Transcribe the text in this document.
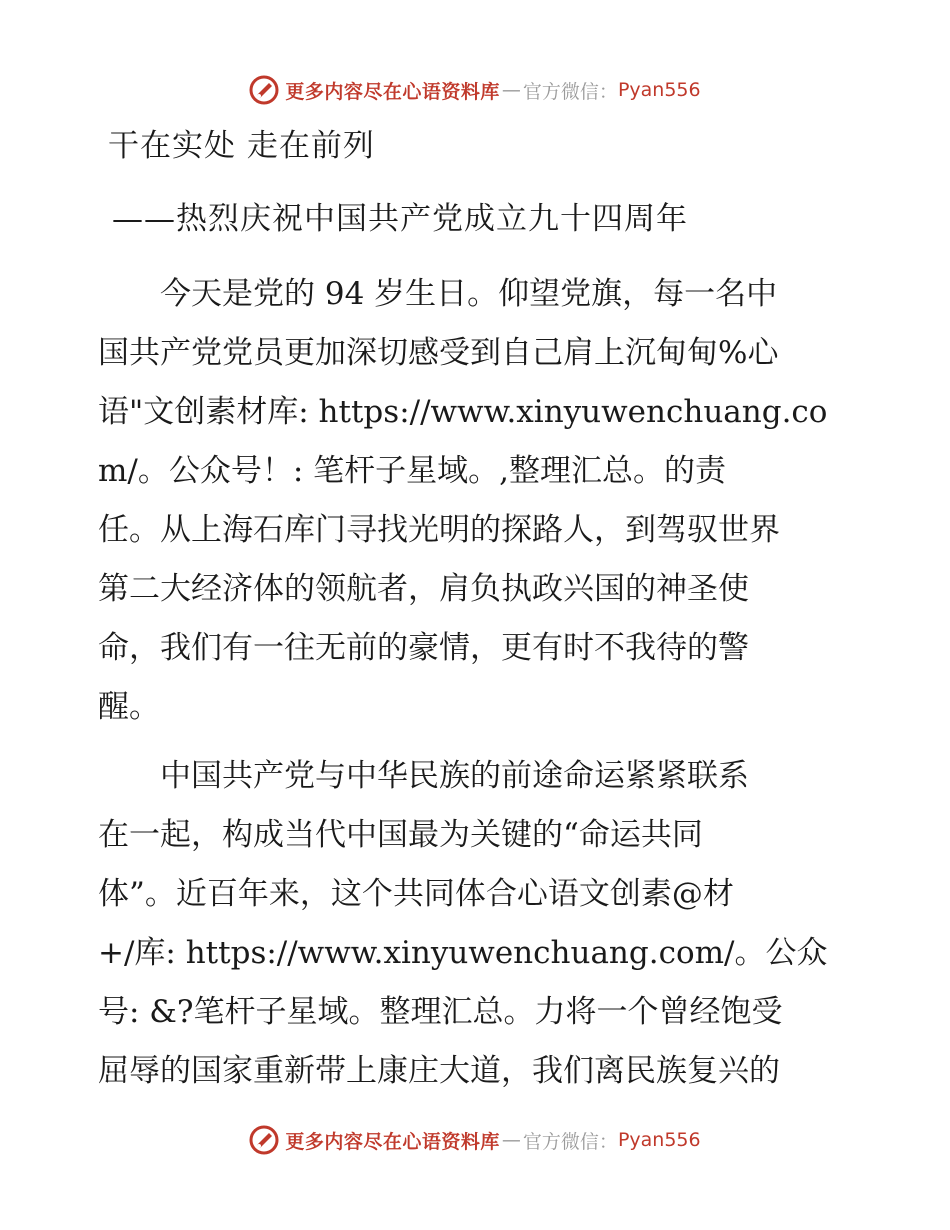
更多内容尽在心语资料库 — 官方微信： Pyan556
干在实处 走在前列
——热烈庆祝中国共产党成立九十四周年
　　今天是党的 94 岁生日。仰望党旗，每一名中
国共产党党员更加深切感受到自己肩上沉甸甸%心
语"文创素材库: https://www.xinyuwenchuang.co
m/。公众号！: 笔杆子星域。,整理汇总。的责
任。从上海石库门寻找光明的探路人，到驾驭世界
第二大经济体的领航者，肩负执政兴国的神圣使
命，我们有一往无前的豪情，更有时不我待的警
醒。
　　中国共产党与中华民族的前途命运紧紧联系
在一起，构成当代中国最为关键的“命运共同
体”。近百年来，这个共同体合心语文创素@材
+/库: https://www.xinyuwenchuang.com/。公众
号: &?笔杆子星域。整理汇总。力将一个曾经饱受
屈辱的国家重新带上康庄大道，我们离民族复兴的
更多内容尽在心语资料库 — 官方微信： Pyan556
